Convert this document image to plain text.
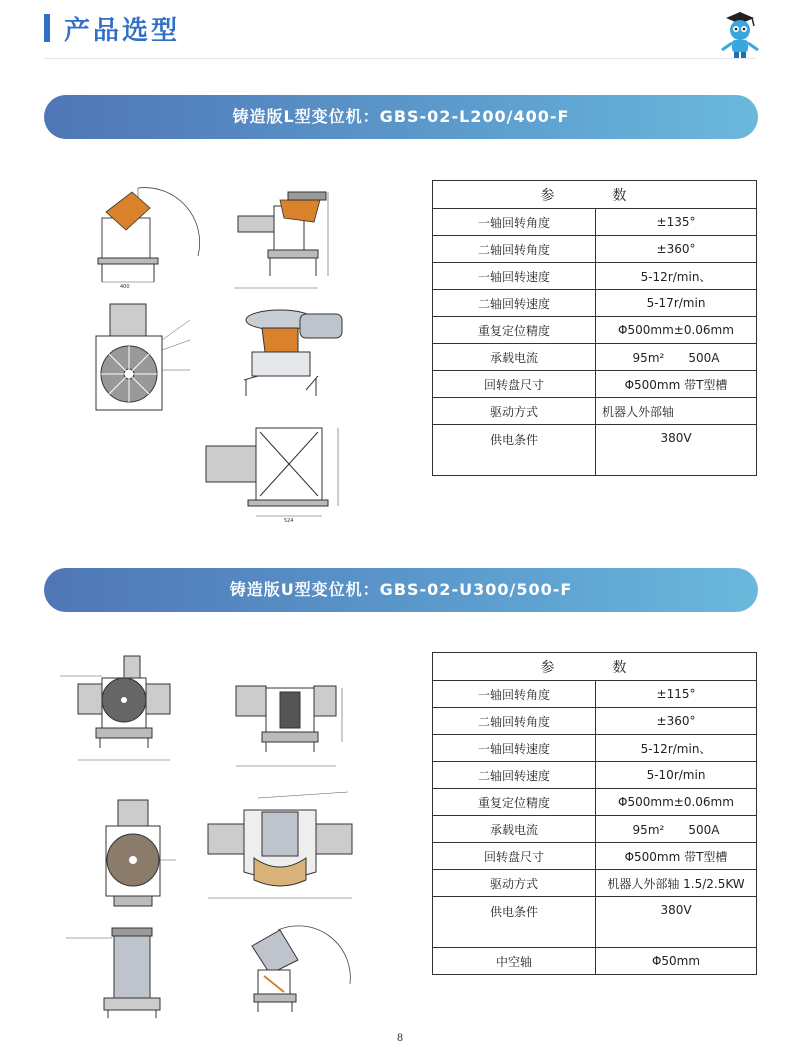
产品选型
铸造版L型变位机：GBS-02-L200/400-F
400
524
参　数	
一轴回转角度	±135°
二轴回转角度	±360°
一轴回转速度	5-12r/min、
二轴回转速度	5-17r/min
重复定位精度	Φ500mm±0.06mm
承载电流	95m²　　500A
回转盘尺寸	Φ500mm 带T型槽
驱动方式	机器人外部轴
供电条件	380V
铸造版U型变位机：GBS-02-U300/500-F
参　数	
一轴回转角度	±115°
二轴回转角度	±360°
一轴回转速度	5-12r/min、
二轴回转速度	5-10r/min
重复定位精度	Φ500mm±0.06mm
承载电流	95m²　　500A
回转盘尺寸	Φ500mm 带T型槽
驱动方式	机器人外部轴 1.5/2.5KW
供电条件	380V
中空轴	Φ50mm
8
